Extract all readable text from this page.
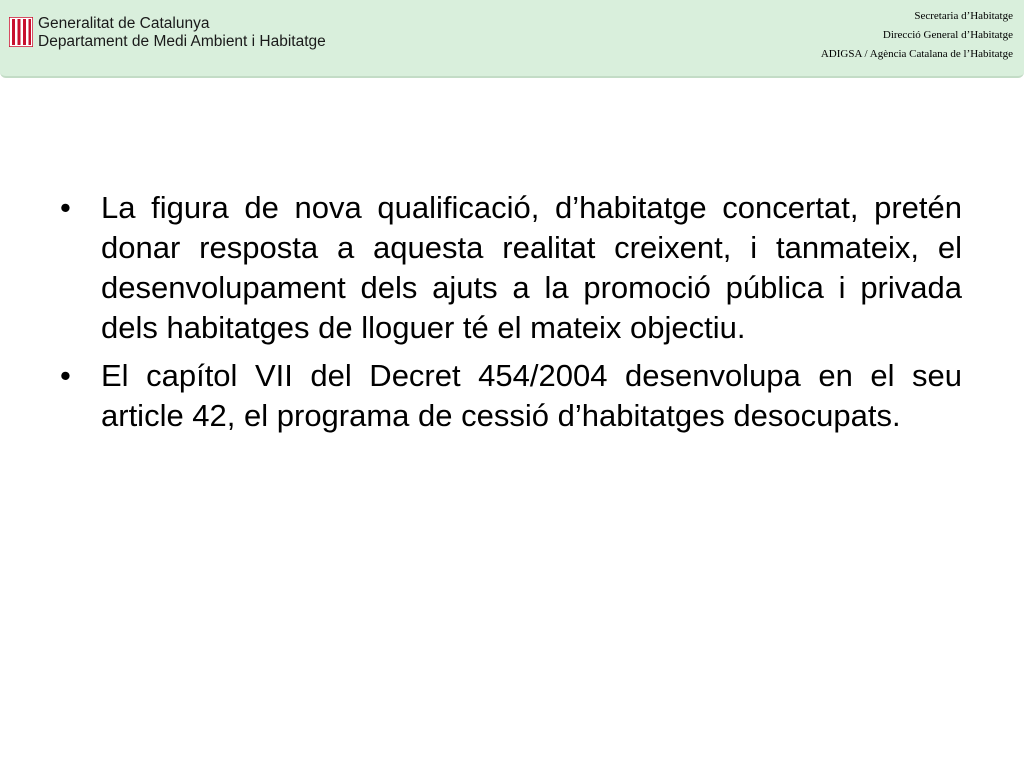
Generalitat de Catalunya
Departament de Medi Ambient i Habitatge
Secretaria d’Habitatge
Direcció General d’Habitatge
ADIGSA / Agència Catalana de l’Habitatge
• La figura de nova qualificació, d’habitatge concertat, pretén donar resposta a aquesta realitat creixent, i tanmateix, el desenvolupament dels ajuts a la promoció pública i privada dels habitatges de lloguer té el mateix objectiu.
• El capítol VII del Decret 454/2004 desenvolupa en el seu article 42, el programa de cessió d’habitatges desocupats.
